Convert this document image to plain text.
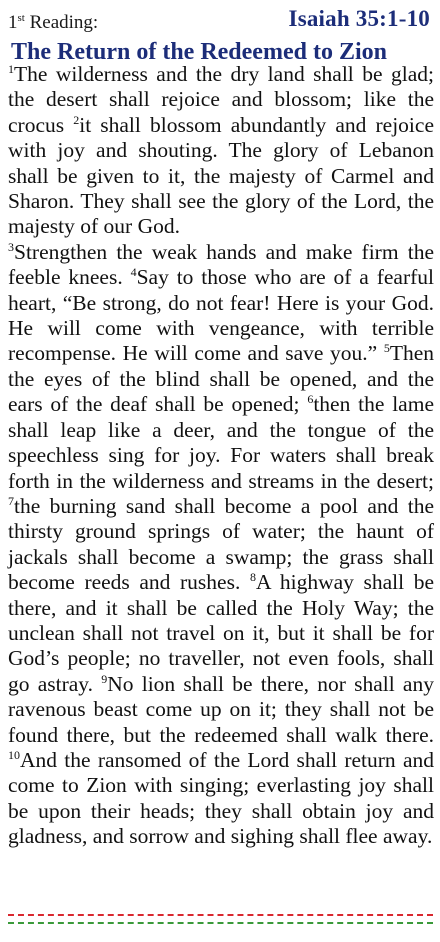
1st Reading:	Isaiah 35:1-10
The Return of the Redeemed to Zion
$^1$The wilderness and the dry land shall be glad; the desert shall rejoice and blossom; like the crocus $^2$it shall blossom abundantly and rejoice with joy and shouting. The glory of Lebanon shall be given to it, the majesty of Carmel and Sharon. They shall see the glory of the Lord, the majesty of our God.
$^3$Strengthen the weak hands and make firm the feeble knees. $^4$Say to those who are of a fearful heart, “Be strong, do not fear! Here is your God. He will come with vengeance, with terrible recompense. He will come and save you.” $^5$Then the eyes of the blind shall be opened, and the ears of the deaf shall be opened; $^6$then the lame shall leap like a deer, and the tongue of the speechless sing for joy. For waters shall break forth in the wilderness and streams in the desert; $^7$the burning sand shall become a pool and the thirsty ground springs of water; the haunt of jackals shall become a swamp; the grass shall become reeds and rushes. $^8$A highway shall be there, and it shall be called the Holy Way; the unclean shall not travel on it, but it shall be for God’s people; no traveller, not even fools, shall go astray. $^9$No lion shall be there, nor shall any ravenous beast come up on it; they shall not be found there, but the redeemed shall walk there. $^{10}$And the ransomed of the Lord shall return and come to Zion with singing; everlasting joy shall be upon their heads; they shall obtain joy and gladness, and sorrow and sighing shall flee away.
